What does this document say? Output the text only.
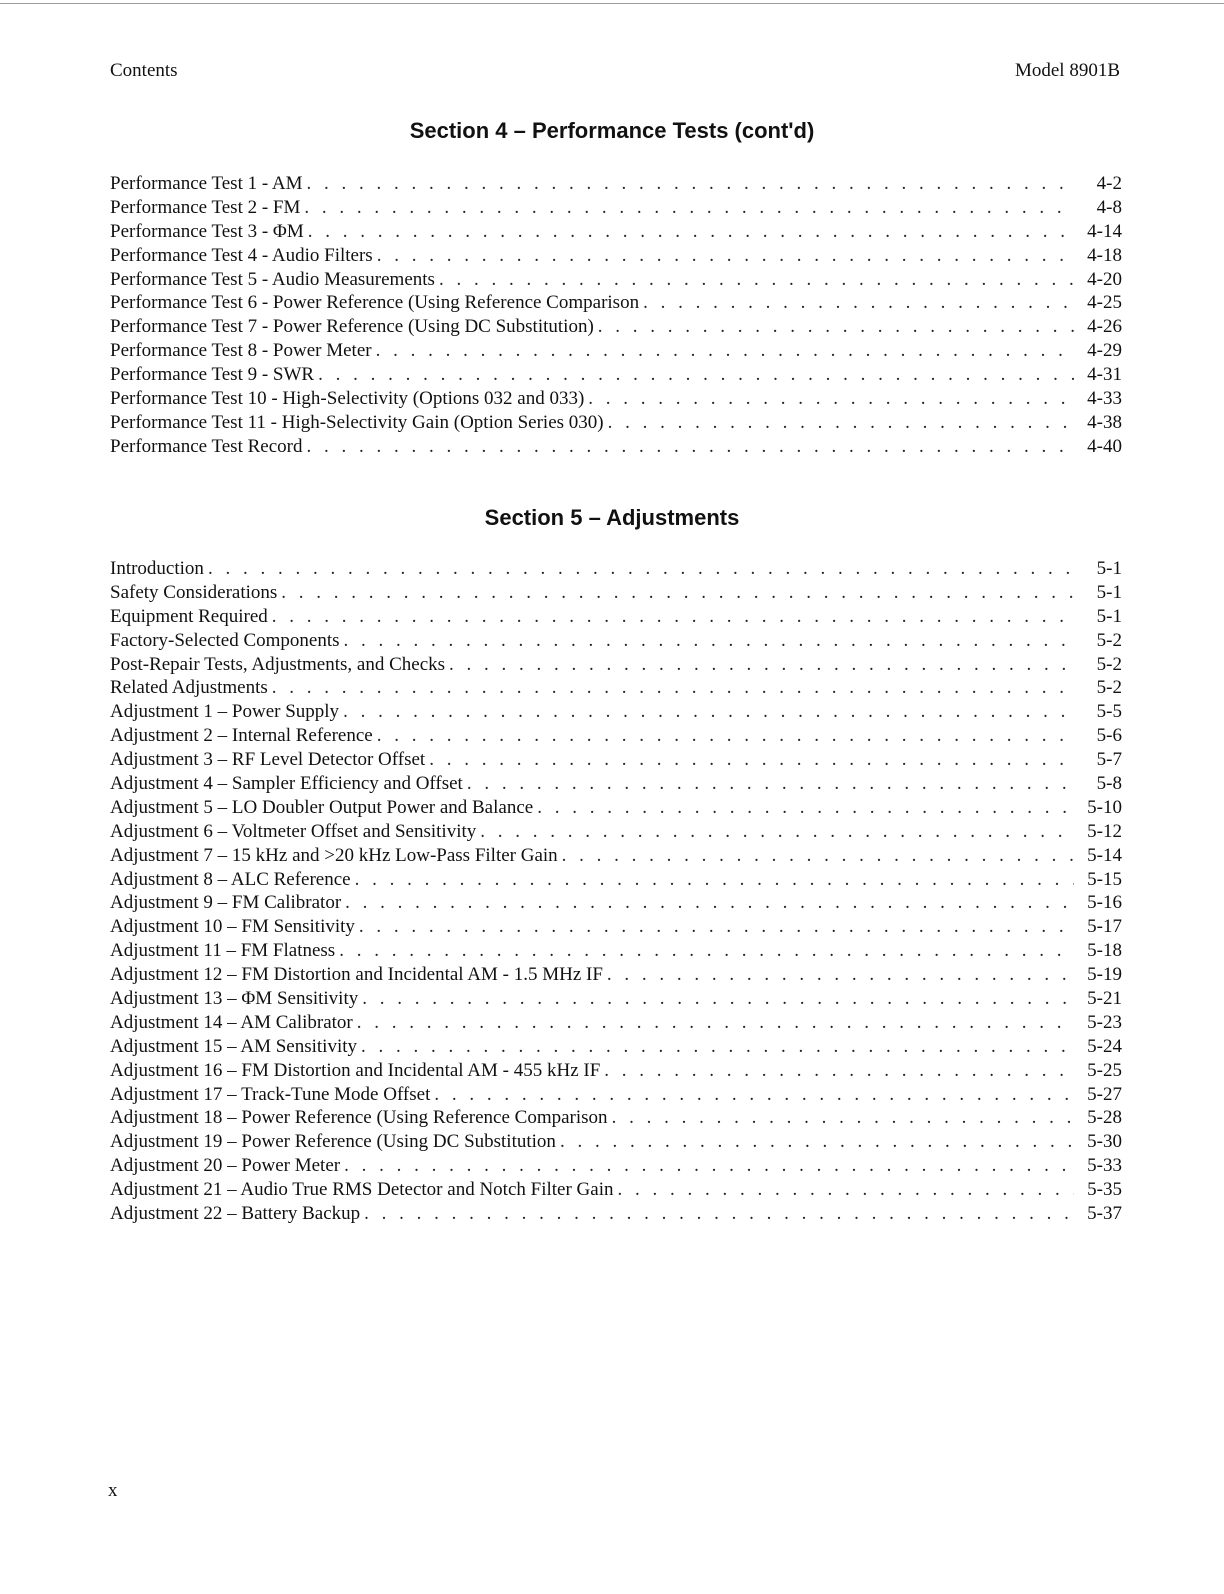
Contents	Model 8901B
Section 4 – Performance Tests (cont'd)
Performance Test 1 - AM . . .	4-2
Performance Test 2 - FM . . .	4-8
Performance Test 3 - ΦM . . .	4-14
Performance Test 4 - Audio Filters . . .	4-18
Performance Test 5 - Audio Measurements . . .	4-20
Performance Test 6 - Power Reference (Using Reference Comparison . . .	4-25
Performance Test 7 - Power Reference (Using DC Substitution) . . .	4-26
Performance Test 8 - Power Meter . . .	4-29
Performance Test 9 - SWR . . .	4-31
Performance Test 10 - High-Selectivity (Options 032 and 033) . . .	4-33
Performance Test 11 - High-Selectivity Gain (Option Series 030) . . .	4-38
Performance Test Record . . .	4-40
Section 5 – Adjustments
Introduction . . .	5-1
Safety Considerations . . .	5-1
Equipment Required . . .	5-1
Factory-Selected Components . . .	5-2
Post-Repair Tests, Adjustments, and Checks . . .	5-2
Related Adjustments . . .	5-2
Adjustment 1 – Power Supply . . .	5-5
Adjustment 2 – Internal Reference . . .	5-6
Adjustment 3 – RF Level Detector Offset . . .	5-7
Adjustment 4 – Sampler Efficiency and Offset . . .	5-8
Adjustment 5 – LO Doubler Output Power and Balance . . .	5-10
Adjustment 6 – Voltmeter Offset and Sensitivity . . .	5-12
Adjustment 7 – 15 kHz and >20 kHz Low-Pass Filter Gain . . .	5-14
Adjustment 8 – ALC Reference . . .	5-15
Adjustment 9 – FM Calibrator . . .	5-16
Adjustment 10 – FM Sensitivity . . .	5-17
Adjustment 11 – FM Flatness . . .	5-18
Adjustment 12 – FM Distortion and Incidental AM - 1.5 MHz IF . . .	5-19
Adjustment 13 – ΦM Sensitivity . . .	5-21
Adjustment 14 – AM Calibrator . . .	5-23
Adjustment 15 – AM Sensitivity . . .	5-24
Adjustment 16 – FM Distortion and Incidental AM - 455 kHz IF . . .	5-25
Adjustment 17 – Track-Tune Mode Offset . . .	5-27
Adjustment 18 – Power Reference (Using Reference Comparison . . .	5-28
Adjustment 19 – Power Reference (Using DC Substitution . . .	5-30
Adjustment 20 – Power Meter . . .	5-33
Adjustment 21 – Audio True RMS Detector and Notch Filter Gain . . .	5-35
Adjustment 22 – Battery Backup . . .	5-37
x
